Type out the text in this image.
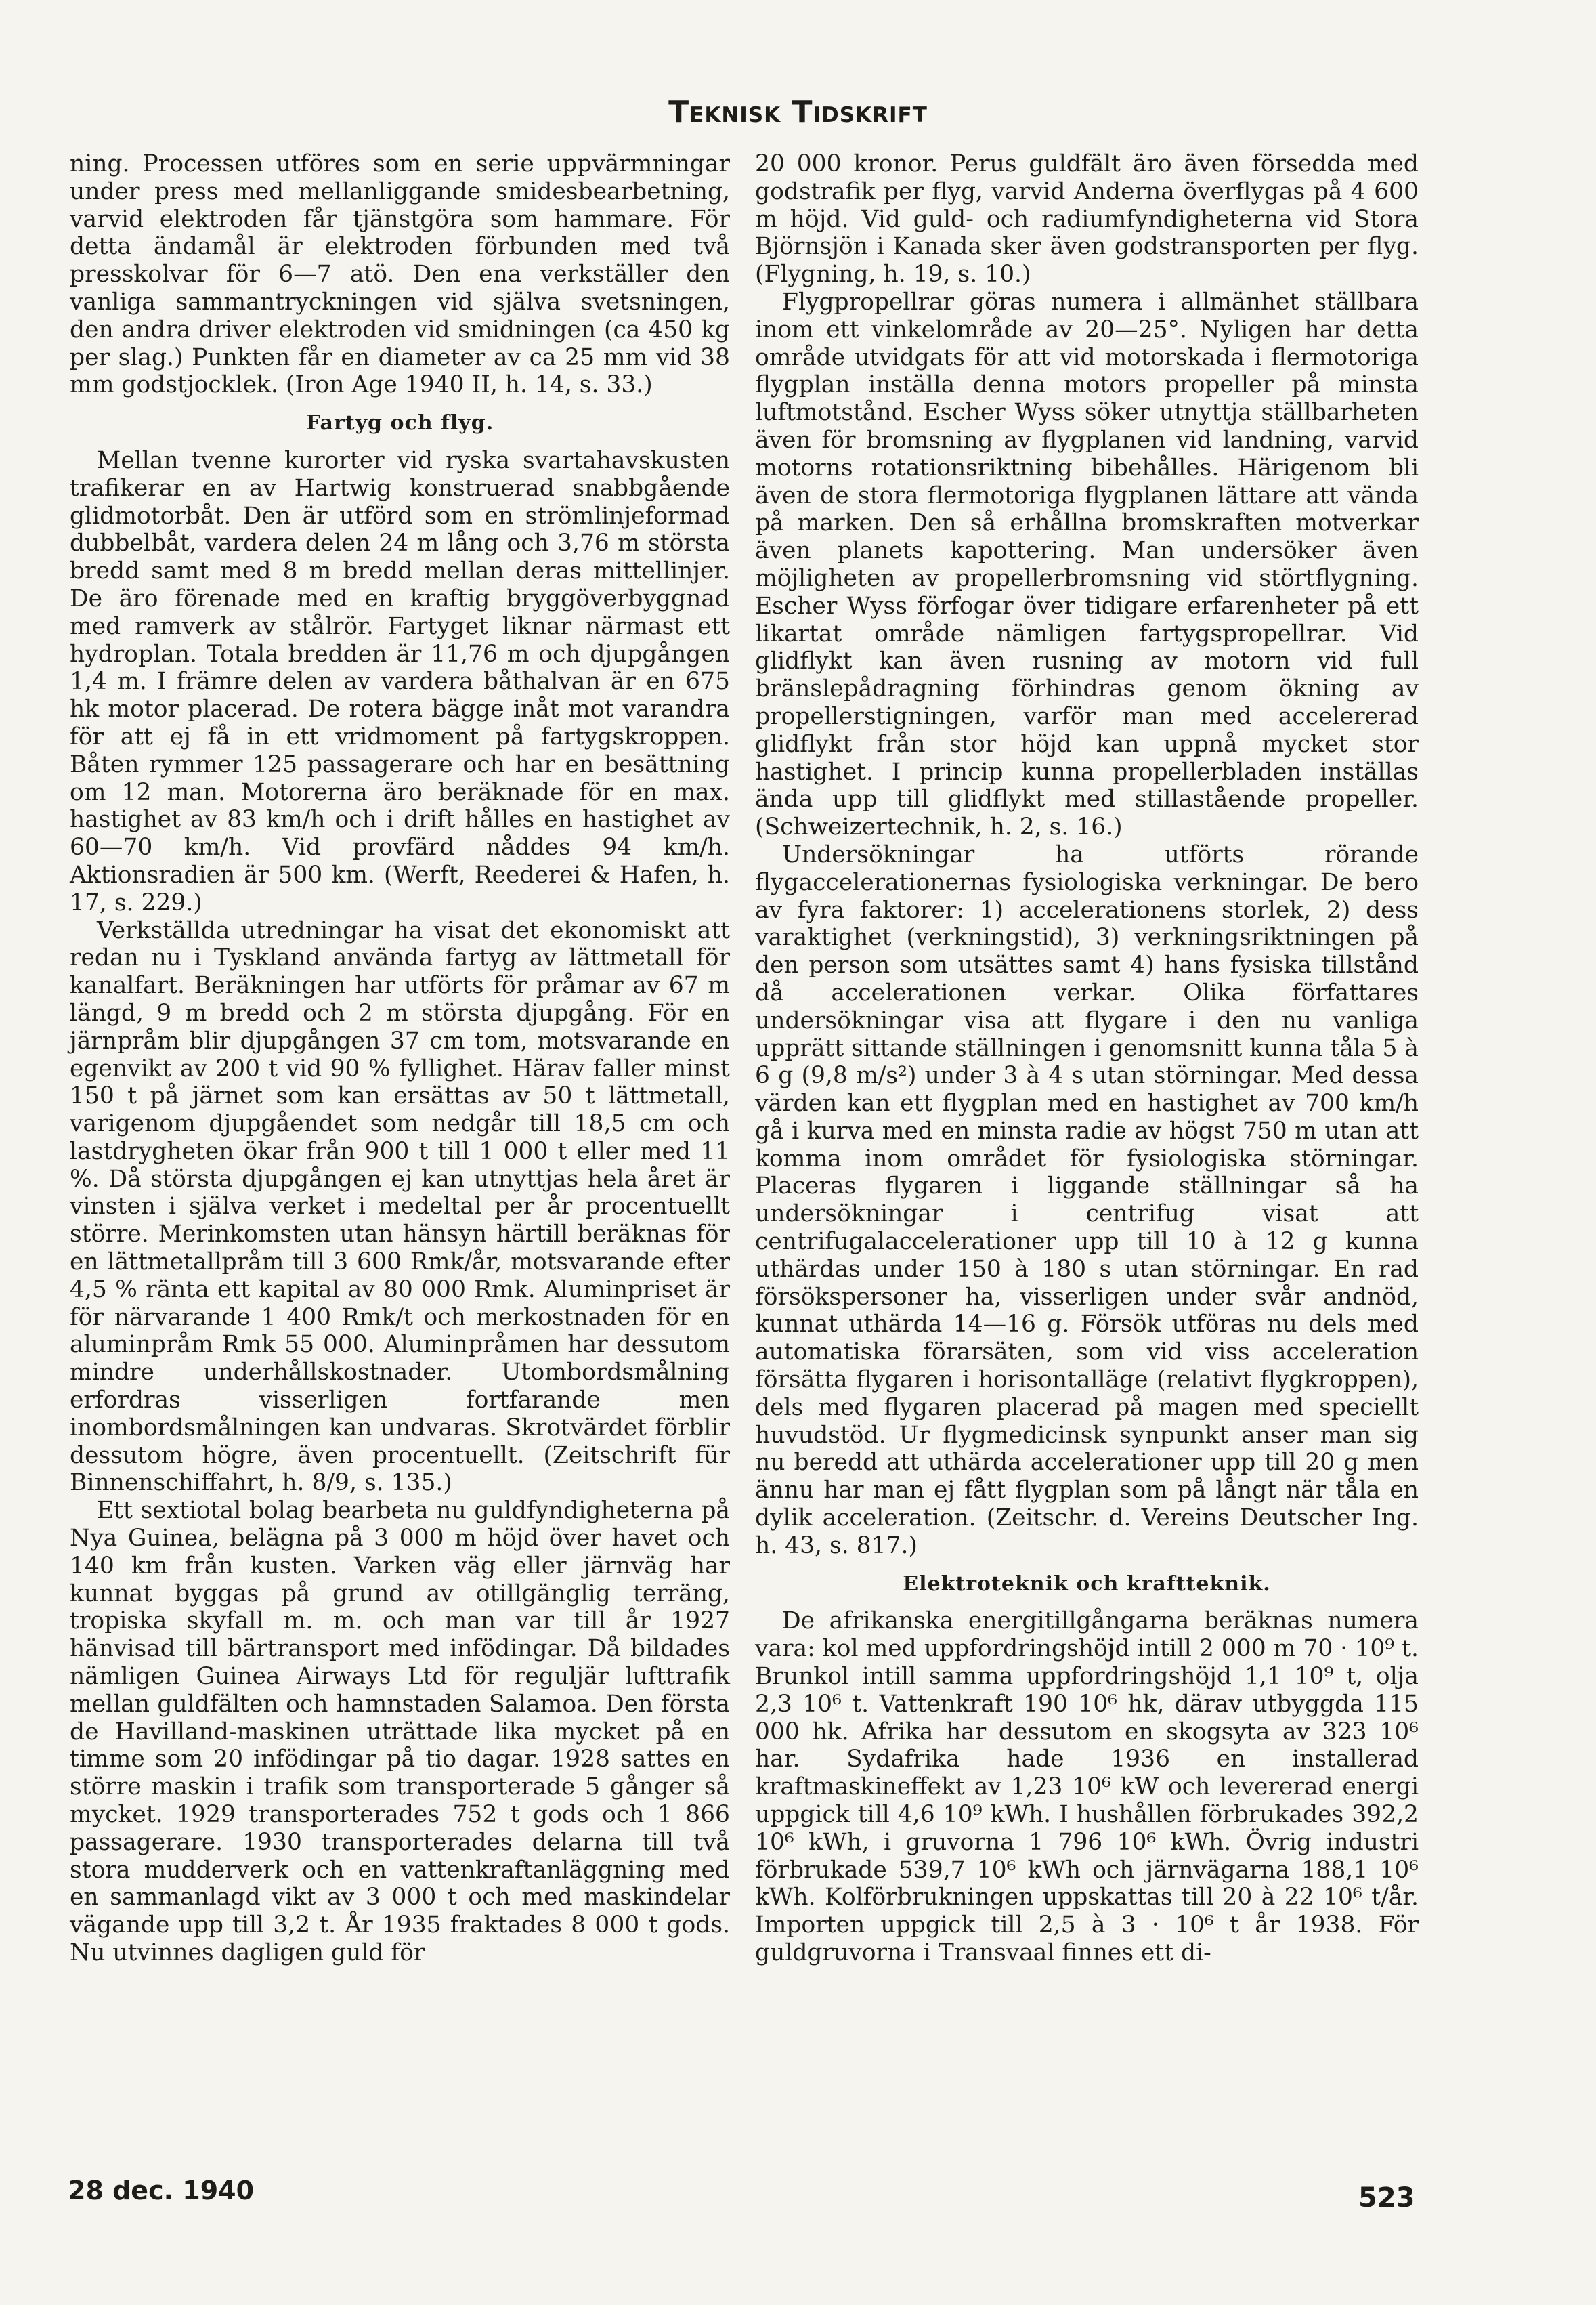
Teknisk Tidskrift

ning. Processen utföres som en serie uppvärmningar under press med mellanliggande smidesbearbetning, varvid elektroden får tjänstgöra som hammare. För detta ändamål är elektroden förbunden med två presskolvar för 6—7 atö. Den ena verkställer den vanliga sammantryckningen vid själva svetsningen, den andra driver elektroden vid smidningen (ca 450 kg per slag.) Punkten får en diameter av ca 25 mm vid 38 mm godstjocklek. (Iron Age 1940 II, h. 14, s. 33.)

Fartyg och flyg.

Mellan tvenne kurorter vid ryska svartahavskusten trafikerar en av Hartwig konstruerad snabbgående glidmotorbåt. Den är utförd som en strömlinjeformad dubbelbåt, vardera delen 24 m lång och 3,76 m största bredd samt med 8 m bredd mellan deras mittellinjer. De äro förenade med en kraftig bryggöverbyggnad med ramverk av stålrör. Fartyget liknar närmast ett hydroplan. Totala bredden är 11,76 m och djupgången 1,4 m. I främre delen av vardera båthalvan är en 675 hk motor placerad. De rotera bägge inåt mot varandra för att ej få in ett vridmoment på fartygskroppen. Båten rymmer 125 passagerare och har en besättning om 12 man. Motorerna äro beräknade för en max. hastighet av 83 km/h och i drift hålles en hastighet av 60—70 km/h. Vid provfärd nåddes 94 km/h. Aktionsradien är 500 km. (Werft, Reederei & Hafen, h. 17, s. 229.)

Verkställda utredningar ha visat det ekonomiskt att redan nu i Tyskland använda fartyg av lättmetall för kanalfart. Beräkningen har utförts för pråmar av 67 m längd, 9 m bredd och 2 m största djupgång. För en järnpråm blir djupgången 37 cm tom, motsvarande en egenvikt av 200 t vid 90 % fyllighet. Härav faller minst 150 t på järnet som kan ersättas av 50 t lättmetall, varigenom djupgåendet som nedgår till 18,5 cm och lastdrygheten ökar från 900 t till 1 000 t eller med 11 %. Då största djupgången ej kan utnyttjas hela året är vinsten i själva verket i medeltal per år procentuellt större. Merinkomsten utan hänsyn härtill beräknas för en lättmetallpråm till 3 600 Rmk/år, motsvarande efter 4,5 % ränta ett kapital av 80 000 Rmk. Aluminpriset är för närvarande 1 400 Rmk/t och merkostnaden för en aluminpråm Rmk 55 000. Aluminpråmen har dessutom mindre underhållskostnader. Utombordsmålning erfordras visserligen fortfarande men inombordsmålningen kan undvaras. Skrotvärdet förblir dessutom högre, även procentuellt. (Zeitschrift für Binnenschiffahrt, h. 8/9, s. 135.)

Ett sextiotal bolag bearbeta nu guldfyndigheterna på Nya Guinea, belägna på 3 000 m höjd över havet och 140 km från kusten. Varken väg eller järnväg har kunnat byggas på grund av otillgänglig terräng, tropiska skyfall m. m. och man var till år 1927 hänvisad till bärtransport med infödingar. Då bildades nämligen Guinea Airways Ltd för reguljär lufttrafik mellan guldfälten och hamnstaden Salamoa. Den första de Havilland-maskinen uträttade lika mycket på en timme som 20 infödingar på tio dagar. 1928 sattes en större maskin i trafik som transporterade 5 gånger så mycket. 1929 transporterades 752 t gods och 1 866 passagerare. 1930 transporterades delarna till två stora mudderverk och en vattenkraftanläggning med en sammanlagd vikt av 3 000 t och med maskindelar vägande upp till 3,2 t. År 1935 fraktades 8 000 t gods. Nu utvinnes dagligen guld för

20 000 kronor. Perus guldfält äro även försedda med godstrafik per flyg, varvid Anderna överflygas på 4 600 m höjd. Vid guld- och radiumfyndigheterna vid Stora Björnsjön i Kanada sker även godstransporten per flyg. (Flygning, h. 19, s. 10.)

Flygpropellrar göras numera i allmänhet ställbara inom ett vinkelområde av 20—25°. Nyligen har detta område utvidgats för att vid motorskada i flermotoriga flygplan inställa denna motors propeller på minsta luftmotstånd. Escher Wyss söker utnyttja ställbarheten även för bromsning av flygplanen vid landning, varvid motorns rotationsriktning bibehålles. Härigenom bli även de stora flermotoriga flygplanen lättare att vända på marken. Den så erhållna bromskraften motverkar även planets kapottering. Man undersöker även möjligheten av propellerbromsning vid störtflygning. Escher Wyss förfogar över tidigare erfarenheter på ett likartat område nämligen fartygspropellrar. Vid glidflykt kan även rusning av motorn vid full bränslepådragning förhindras genom ökning av propellerstigningen, varför man med accelererad glidflykt från stor höjd kan uppnå mycket stor hastighet. I princip kunna propellerbladen inställas ända upp till glidflykt med stillastående propeller. (Schweizertechnik, h. 2, s. 16.)

Undersökningar ha utförts rörande flygaccelerationernas fysiologiska verkningar. De bero av fyra faktorer: 1) accelerationens storlek, 2) dess varaktighet (verkningstid), 3) verkningsriktningen på den person som utsättes samt 4) hans fysiska tillstånd då accelerationen verkar. Olika författares undersökningar visa att flygare i den nu vanliga upprätt sittande ställningen i genomsnitt kunna tåla 5 à 6 g (9,8 m/s²) under 3 à 4 s utan störningar. Med dessa värden kan ett flygplan med en hastighet av 700 km/h gå i kurva med en minsta radie av högst 750 m utan att komma inom området för fysiologiska störningar. Placeras flygaren i liggande ställningar så ha undersökningar i centrifug visat att centrifugalaccelerationer upp till 10 à 12 g kunna uthärdas under 150 à 180 s utan störningar. En rad försökspersoner ha, visserligen under svår andnöd, kunnat uthärda 14—16 g. Försök utföras nu dels med automatiska förarsäten, som vid viss acceleration försätta flygaren i horisontalläge (relativt flygkroppen), dels med flygaren placerad på magen med speciellt huvudstöd. Ur flygmedicinsk synpunkt anser man sig nu beredd att uthärda accelerationer upp till 20 g men ännu har man ej fått flygplan som på långt när tåla en dylik acceleration. (Zeitschr. d. Vereins Deutscher Ing. h. 43, s. 817.)

Elektroteknik och kraftteknik.

De afrikanska energitillgångarna beräknas numera vara: kol med uppfordringshöjd intill 2 000 m 70 · 10⁹ t. Brunkol intill samma uppfordringshöjd 1,1 10⁹ t, olja 2,3 10⁶ t. Vattenkraft 190 10⁶ hk, därav utbyggda 115 000 hk. Afrika har dessutom en skogsyta av 323 10⁶ har. Sydafrika hade 1936 en installerad kraftmaskineffekt av 1,23 10⁶ kW och levererad energi uppgick till 4,6 10⁹ kWh. I hushållen förbrukades 392,2 10⁶ kWh, i gruvorna 1 796 10⁶ kWh. Övrig industri förbrukade 539,7 10⁶ kWh och järnvägarna 188,1 10⁶ kWh. Kolförbrukningen uppskattas till 20 à 22 10⁶ t/år. Importen uppgick till 2,5 à 3 · 10⁶ t år 1938. För guldgruvorna i Transvaal finnes ett di-

28 dec. 1940	523
